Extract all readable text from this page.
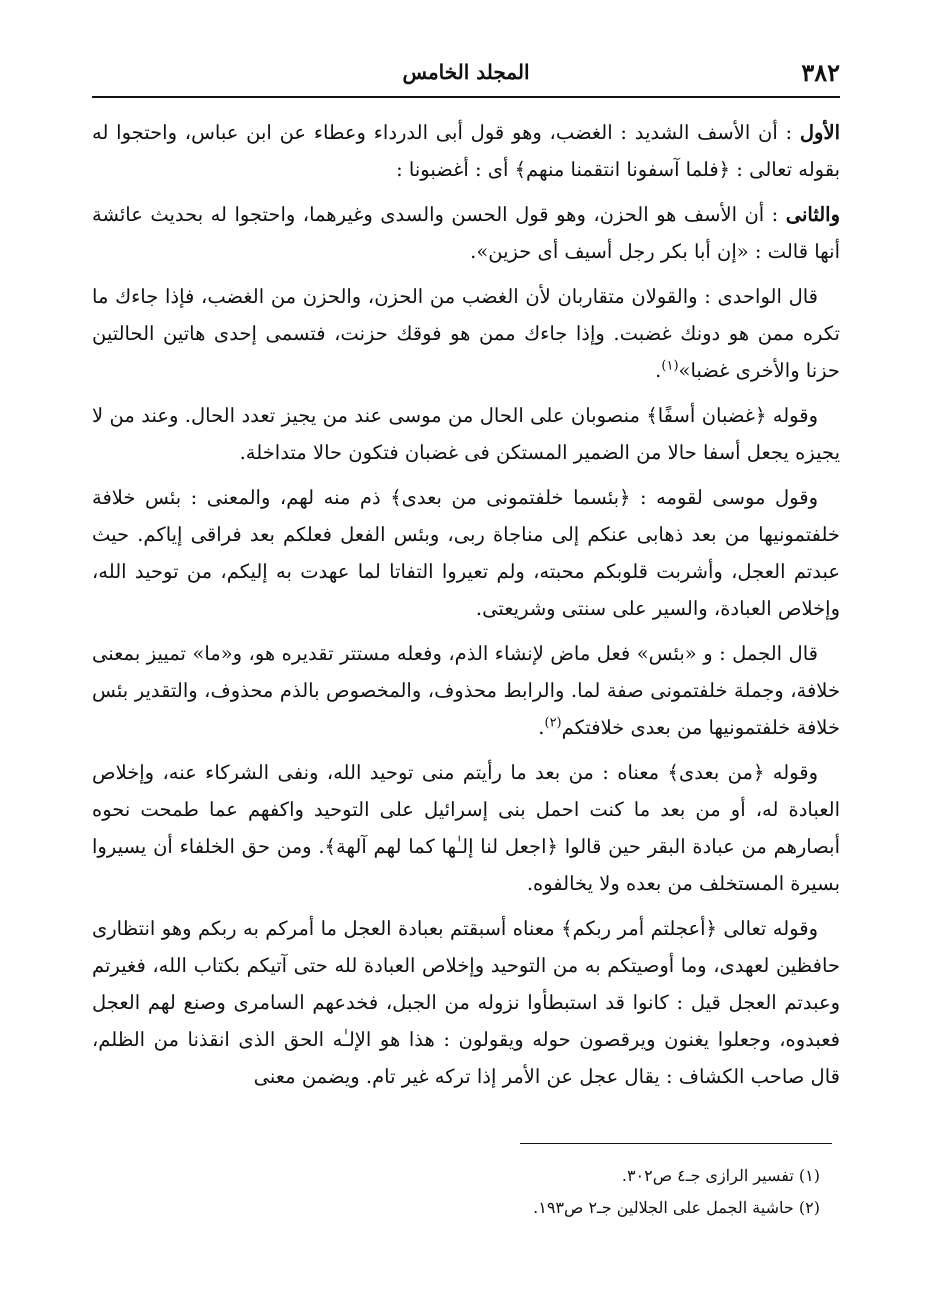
المجلد الخامس	٣٨٢

الأول : أن الأسف الشديد : الغضب، وهو قول أبى الدرداء وعطاء عن ابن عباس، واحتجوا له بقوله تعالى : ﴿فلما آسفونا انتقمنا منهم﴾ أى : أغضبونا :

والثانى : أن الأسف هو الحزن، وهو قول الحسن والسدى وغيرهما، واحتجوا له بحديث عائشة أنها قالت : «إن أبا بكر رجل أسيف أى حزين».

قال الواحدى : والقولان متقاربان لأن الغضب من الحزن، والحزن من الغضب، فإذا جاءك ما تكره ممن هو دونك غضبت. وإذا جاءك ممن هو فوقك حزنت، فتسمى إحدى هاتين الحالتين حزنا والأخرى غضبا»$^{(١)}$.

وقوله ﴿غضبان أسفًا﴾ منصوبان على الحال من موسى عند من يجيز تعدد الحال. وعند من لا يجيزه يجعل أسفا حالا من الضمير المستكن فى غضبان فتكون حالا متداخلة.

وقول موسى لقومه : ﴿بئسما خلفتمونى من بعدى﴾ ذم منه لهم، والمعنى : بئس خلافة خلفتمونيها من بعد ذهابى عنكم إلى مناجاة ربى، وبئس الفعل فعلكم بعد فراقى إياكم. حيث عبدتم العجل، وأشربت قلوبكم محبته، ولم تعيروا التفاتا لما عهدت به إليكم، من توحيد الله، وإخلاص العبادة، والسير على سنتى وشريعتى.

قال الجمل : و «بئس» فعل ماض لإنشاء الذم، وفعله مستتر تقديره هو، و«ما» تمييز بمعنى خلافة، وجملة خلفتمونى صفة لما. والرابط محذوف، والمخصوص بالذم محذوف، والتقدير بئس خلافة خلفتمونيها من بعدى خلافتكم$^{(٢)}$.

وقوله ﴿من بعدى﴾ معناه : من بعد ما رأيتم منى توحيد الله، ونفى الشركاء عنه، وإخلاص العبادة له، أو من بعد ما كنت احمل بنى إسرائيل على التوحيد واكفهم عما طمحت نحوه أبصارهم من عبادة البقر حين قالوا ﴿اجعل لنا إلـٰها كما لهم آلهة﴾. ومن حق الخلفاء أن يسيروا بسيرة المستخلف من بعده ولا يخالفوه.

وقوله تعالى ﴿أعجلتم أمر ربكم﴾ معناه أسبقتم بعبادة العجل ما أمركم به ربكم وهو انتظارى حافظين لعهدى، وما أوصيتكم به من التوحيد وإخلاص العبادة لله حتى آتيكم بكتاب الله، فغيرتم وعبدتم العجل قيل : كانوا قد استبطأوا نزوله من الجبل، فخدعهم السامرى وصنع لهم العجل فعبدوه، وجعلوا يغنون ويرقصون حوله ويقولون : هذا هو الإلـٰه الحق الذى انقذنا من الظلم، قال صاحب الكشاف : يقال عجل عن الأمر إذا تركه غير تام. ويضمن معنى

(١) تفسير الرازى جـ٤ ص٣٠٢.
(٢) حاشية الجمل على الجلالين جـ٢ ص١٩٣.
